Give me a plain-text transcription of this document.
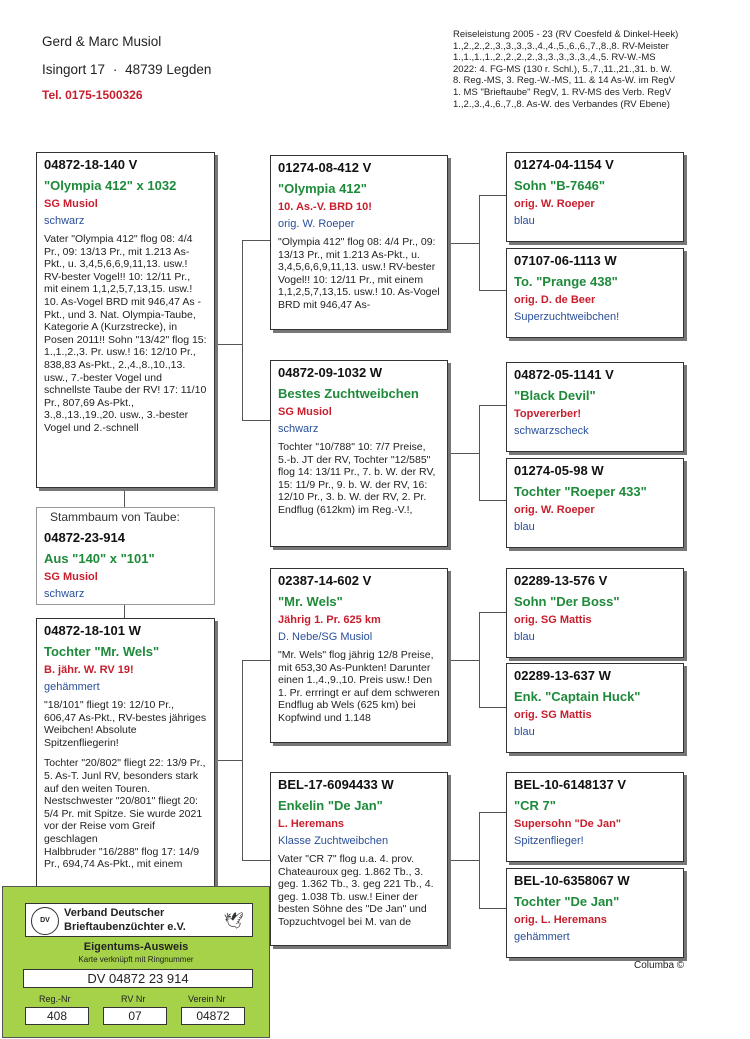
Gerd & Marc Musiol
Isingort 17 · 48739 Legden
Tel. 0175-1500326
Reiseleistung 2005 - 23 (RV Coesfeld & Dinkel-Heek)
1.,2.,2.,2.,3.,3.,3.,3.,4.,4.,5.,6.,6.,7.,8.,8. RV-Meister
1.,1.,1.,1.,2.,2.,2.,2.,3.,3.,3.,3.,3.,4.,5. RV-W.-MS
2022: 4. FG-MS (130 r. Schl.), 5.,7.,11.,21.,31. b. W.
8. Reg.-MS, 3. Reg.-W.-MS, 11. & 14 As-W. im RegV
1. MS "Brieftaube" RegV, 1. RV-MS des Verb. RegV
1.,2.,3.,4.,6.,7.,8. As-W. des Verbandes (RV Ebene)
04872-18-140 V
"Olympia 412" x 1032
SG Musiol
schwarz
Vater "Olympia 412" flog 08: 4/4 Pr., 09: 13/13 Pr., mit 1.213 As-Pkt., u. 3,4,5,6,6,9,11,13. usw.! RV-bester Vogel!! 10: 12/11 Pr., mit einem 1,1,2,5,7,13,15. usw.! 10. As-Vogel BRD mit 946,47 As -Pkt., und 3. Nat. Olympia-Taube, Kategorie A (Kurzstrecke), in Posen 2011!! Sohn "13/42" flog 15: 1.,1.,2.,3. Pr. usw.! 16: 12/10 Pr., 838,83 As-Pkt., 2.,4.,8.,10.,13. usw., 7.-bester Vogel und schnellste Taube der RV! 17: 11/10 Pr., 807,69 As-Pkt., 3.,8.,13.,19.,20. usw., 3.-bester Vogel und 2.-schnell
Stammbaum von Taube:
04872-23-914
Aus "140" x "101"
SG Musiol
schwarz
04872-18-101 W
Tochter "Mr. Wels"
B. jähr. W. RV 19!
gehämmert
"18/101" fliegt 19: 12/10 Pr., 606,47 As-Pkt., RV-bestes jähriges Weibchen! Absolute Spitzenfliegerin!
Tochter "20/802" fliegt 22: 13/9 Pr., 5. As-T. Junl RV, besonders stark auf den weiten Touren. Nestschwester "20/801" fliegt 20: 5/4 Pr. mit Spitze. Sie wurde 2021 vor der Reise vom Greif geschlagen
Halbbruder "16/288" flog 17: 14/9 Pr., 694,74 As-Pkt., mit einem
01274-08-412 V
"Olympia 412"
10. As.-V. BRD 10!
orig. W. Roeper
"Olympia 412" flog 08: 4/4 Pr., 09: 13/13 Pr., mit 1.213 As-Pkt., u. 3,4,5,6,6,9,11,13. usw.! RV-bester Vogel!! 10: 12/11 Pr., mit einem 1,1,2,5,7,13,15. usw.! 10. As-Vogel BRD mit 946,47 As-
04872-09-1032 W
Bestes Zuchtweibchen
SG Musiol
schwarz
Tochter "10/788" 10: 7/7 Preise, 5.-b. JT der RV, Tochter "12/585" flog 14: 13/11 Pr., 7. b. W. der RV, 15: 11/9 Pr., 9. b. W. der RV, 16: 12/10 Pr., 3. b. W. der RV, 2. Pr. Endflug (612km) im Reg.-V.!,
02387-14-602 V
"Mr. Wels"
Jährig 1. Pr. 625 km
D. Nebe/SG Musiol
"Mr. Wels" flog jährig 12/8 Preise, mit 653,30 As-Punkten! Darunter einen 1.,4.,9.,10. Preis usw.! Den 1. Pr. errringt er auf dem schweren Endflug ab Wels (625 km) bei Kopfwind und 1.148
BEL-17-6094433 W
Enkelin "De Jan"
L. Heremans
Klasse Zuchtweibchen
Vater "CR 7" flog u.a. 4. prov. Chateauroux geg. 1.862 Tb., 3. geg. 1.362 Tb., 3. geg 221 Tb., 4. geg. 1.038 Tb. usw.! Einer der besten Söhne des "De Jan" und Topzuchtvogel bei M. van de
01274-04-1154 V
Sohn "B-7646"
orig. W. Roeper
blau
07107-06-1113 W
To. "Prange 438"
orig. D. de Beer
Superzuchtweibchen!
04872-05-1141 V
"Black Devil"
Topvererber!
schwarzscheck
01274-05-98 W
Tochter "Roeper 433"
orig. W. Roeper
blau
02289-13-576 V
Sohn "Der Boss"
orig. SG Mattis
blau
02289-13-637 W
Enk. "Captain Huck"
orig. SG Mattis
blau
BEL-10-6148137 V
"CR 7"
Supersohn "De Jan"
Spitzenflieger!
BEL-10-6358067 W
Tochter "De Jan"
orig. L. Heremans
gehämmert
Columba ©
DV
Verband Deutscher
Brieftaubenzüchter e.V. 🕊
Eigentums-Ausweis
Karte verknüpft mit Ringnummer
DV 04872 23 914
Reg.-Nr	RV Nr	Verein Nr
408	07	04872
